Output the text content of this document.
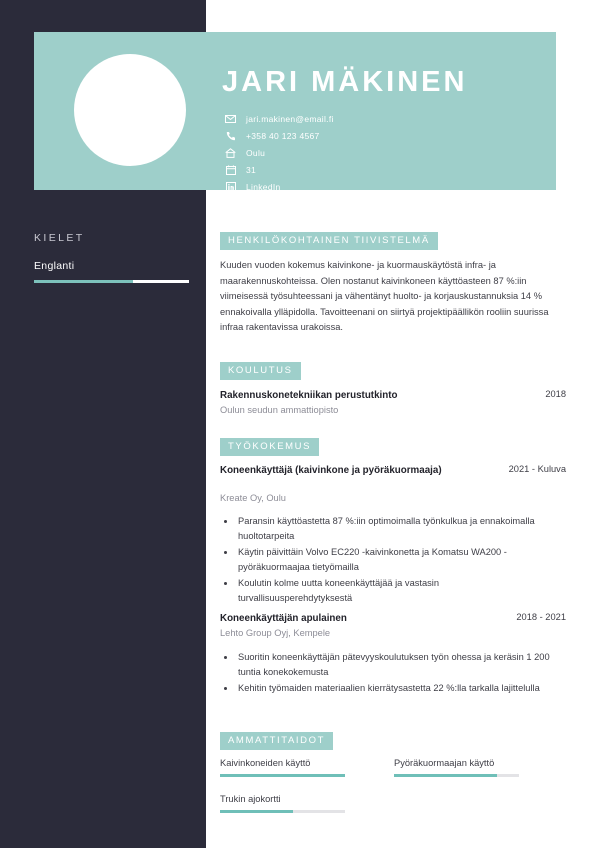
JARI MÄKINEN
jari.makinen@email.fi
+358 40 123 4567
Oulu
31
LinkedIn
KIELET
Englanti
HENKILÖKOHTAINEN TIIVISTELMÄ
Kuuden vuoden kokemus kaivinkone- ja kuormauskäytöstä infra- ja maarakennuskohteissa. Olen nostanut kaivinkoneen käyttöasteen 87 %:iin viimeisessä työsuhteessani ja vähentänyt huolto- ja korjauskustannuksia 14 % ennakoivalla ylläpidolla. Tavoitteenani on siirtyä projektipäällikön rooliin suurissa infraa rakentavissa urakoissa.
KOULUTUS
Rakennuskonetekniikan perustutkinto	2018
Oulun seudun ammattiopisto
TYÖKOKEMUS
Koneenkäyttäjä (kaivinkone ja pyöräkuormaaja)	2021 - Kuluva
Kreate Oy, Oulu
• Paransin käyttöastetta 87 %:iin optimoimalla työnkulkua ja ennakoimalla huoltotarpeita
• Käytin päivittäin Volvo EC220 -kaivinkonetta ja Komatsu WA200 -pyöräkuormaajaa tietyömailla
• Koulutin kolme uutta koneenkäyttäjää ja vastasin turvallisuusperehdytyksestä
Koneenkäyttäjän apulainen	2018 - 2021
Lehto Group Oyj, Kempele
• Suoritin koneenkäyttäjän pätevyyskoulutuksen työn ohessa ja keräsin 1 200 tuntia konekokemusta
• Kehitin työmaiden materiaalien kierrätysastetta 22 %:lla tarkalla lajittelulla
AMMATTITAIDOT
Kaivinkoneiden käyttö	Pyöräkuormaajan käyttö
Trukin ajokortti
